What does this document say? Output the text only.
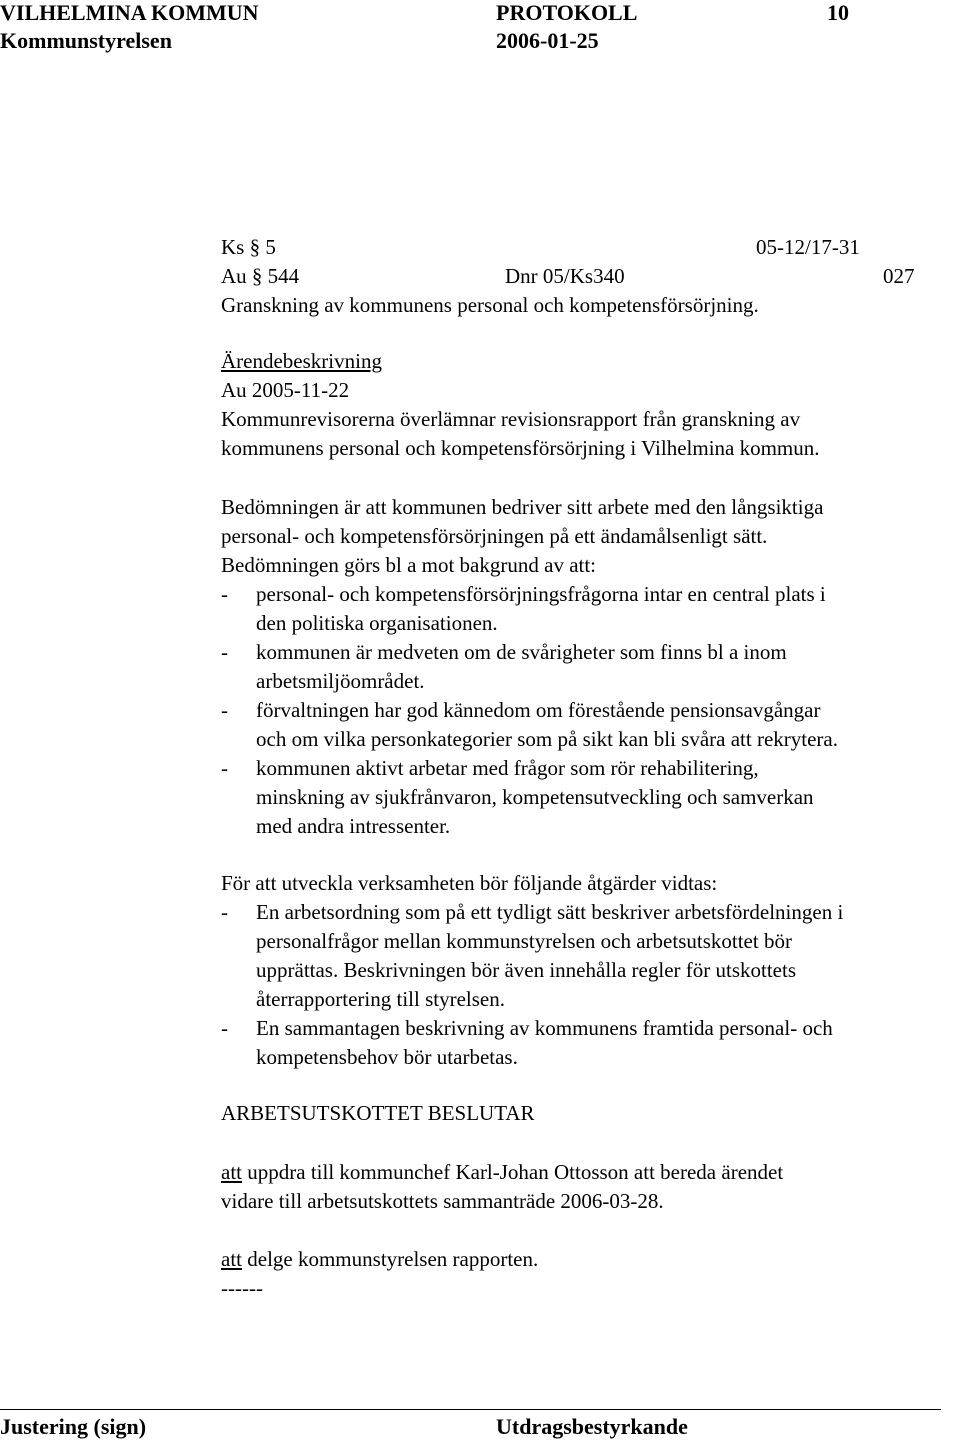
VILHELMINA KOMMUN	PROTOKOLL	10
Kommunstyrelsen	2006-01-25
Ks § 5	05-12/17-31
Au § 544	Dnr 05/Ks340	027
Granskning av kommunens personal och kompetensförsörjning.
Ärendebeskrivning
Au 2005-11-22
Kommunrevisorerna överlämnar revisionsrapport från granskning av
kommunens personal och kompetensförsörjning i Vilhelmina kommun.
Bedömningen är att kommunen bedriver sitt arbete med den långsiktiga
personal- och kompetensförsörjningen på ett ändamålsenligt sätt.
Bedömningen görs bl a mot bakgrund av att:
- personal- och kompetensförsörjningsfrågorna intar en central plats i
den politiska organisationen.
- kommunen är medveten om de svårigheter som finns bl a inom
arbetsmiljöområdet.
- förvaltningen har god kännedom om förestående pensionsavgångar
och om vilka personkategorier som på sikt kan bli svåra att rekrytera.
- kommunen aktivt arbetar med frågor som rör rehabilitering,
minskning av sjukfrånvaron, kompetensutveckling och samverkan
med andra intressenter.
För att utveckla verksamheten bör följande åtgärder vidtas:
- En arbetsordning som på ett tydligt sätt beskriver arbetsfördelningen i
personalfrågor mellan kommunstyrelsen och arbetsutskottet bör
upprättas. Beskrivningen bör även innehålla regler för utskottets
återrapportering till styrelsen.
- En sammantagen beskrivning av kommunens framtida personal- och
kompetensbehov bör utarbetas.
ARBETSUTSKOTTET BESLUTAR
att uppdra till kommunchef Karl-Johan Ottosson att bereda ärendet
vidare till arbetsutskottets sammanträde 2006-03-28.
att delge kommunstyrelsen rapporten.
------
Justering (sign)	Utdragsbestyrkande
